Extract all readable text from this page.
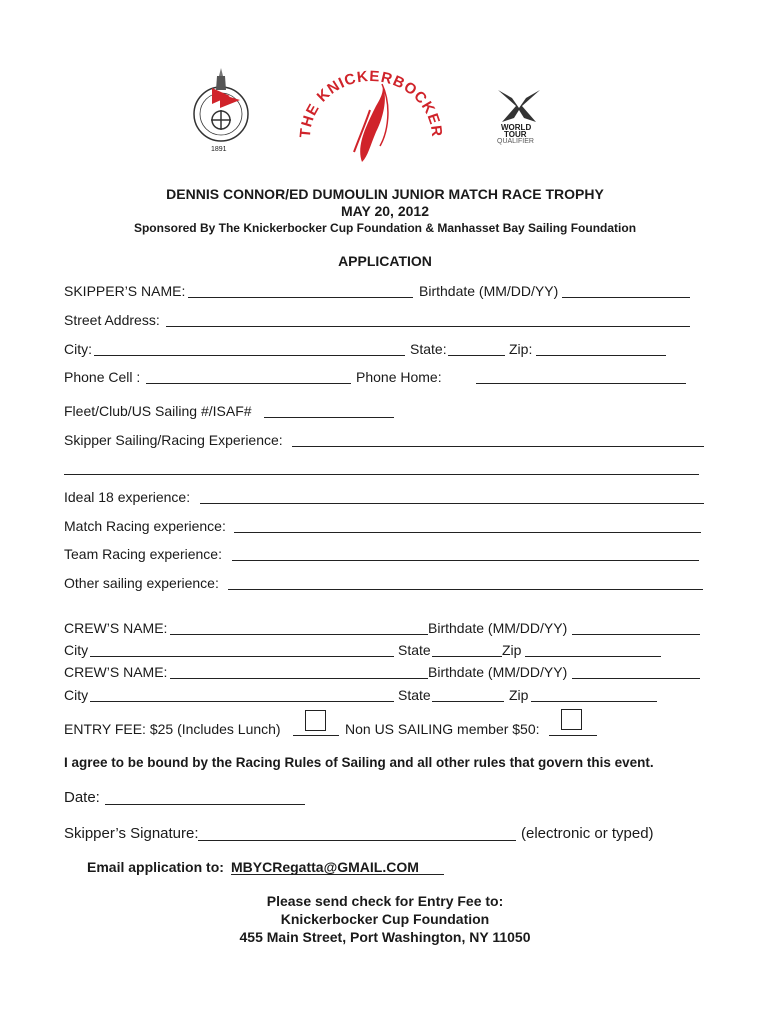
1891
THE KNICKERBOCKER	WORLD
TOUR
QUALIFIER
DENNIS CONNOR/ED DUMOULIN JUNIOR MATCH RACE TROPHY
MAY 20, 2012
Sponsored By The Knickerbocker Cup Foundation & Manhasset Bay Sailing Foundation
APPLICATION
SKIPPER’S NAME:	Birthdate (MM/DD/YY)
Street Address:
City:	State:	Zip:
Phone Cell :	Phone Home:
Fleet/Club/US Sailing #/ISAF#
Skipper Sailing/Racing Experience:
Ideal 18 experience:
Match Racing experience:
Team Racing experience:
Other sailing experience:
CREW’S NAME:	Birthdate (MM/DD/YY)
City	State	Zip
CREW’S NAME:	Birthdate (MM/DD/YY)
City	State	Zip
ENTRY FEE: $25 (Includes Lunch)	Non US SAILING member $50:
I agree to be bound by the Racing Rules of Sailing and all other rules that govern this event.
Date:
Skipper’s Signature:	(electronic or typed)
Email application to: MBYCRegatta@GMAIL.COM
Please send check for Entry Fee to:
Knickerbocker Cup Foundation
455 Main Street, Port Washington, NY 11050
